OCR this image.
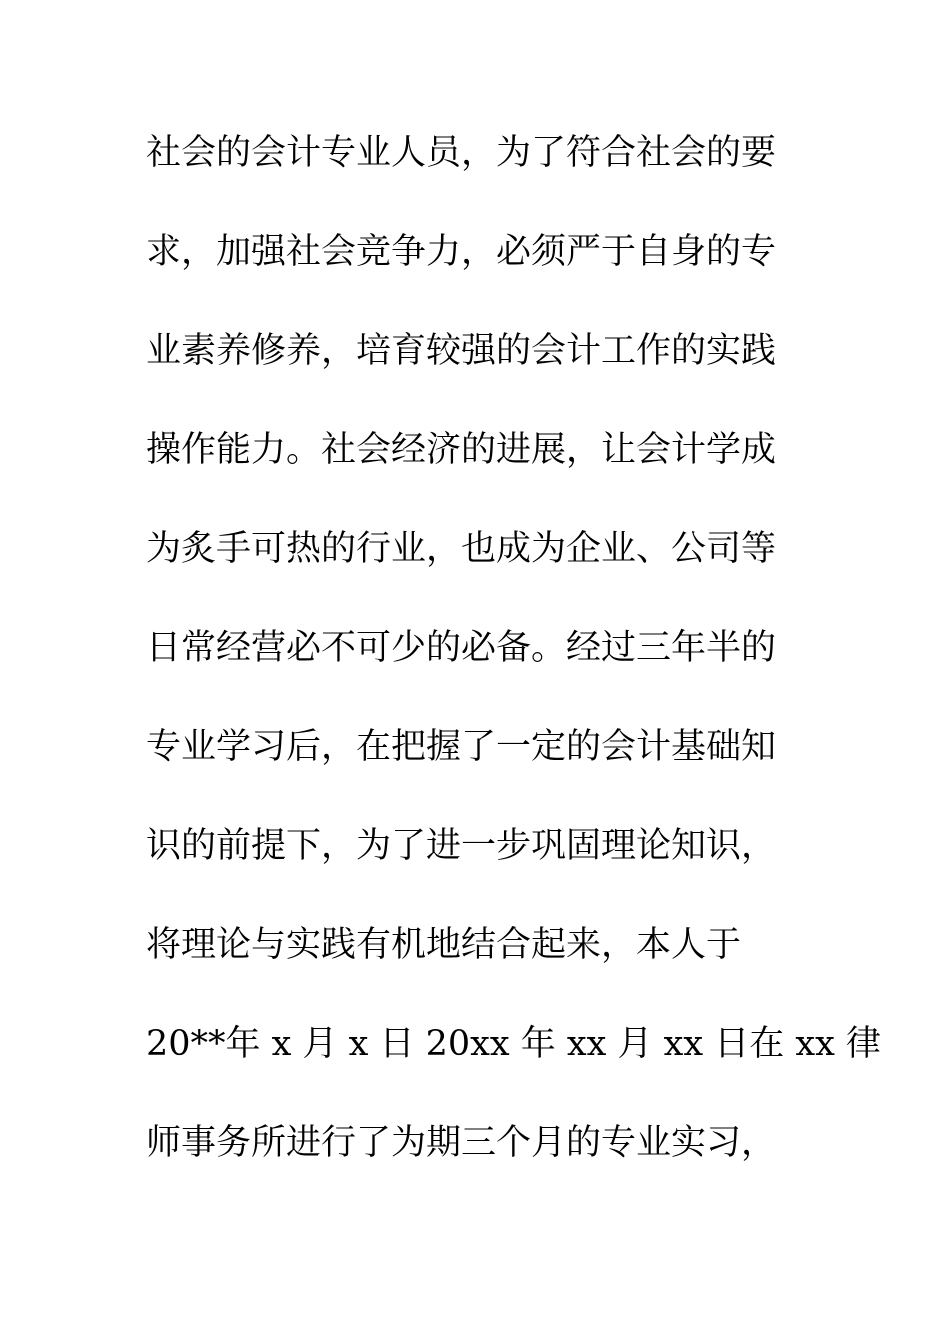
社会的会计专业人员，为了符合社会的要
求，加强社会竞争力，必须严于自身的专
业素养修养，培育较强的会计工作的实践
操作能力。社会经济的进展，让会计学成
为炙手可热的行业，也成为企业、公司等
日常经营必不可少的必备。经过三年半的
专业学习后，在把握了一定的会计基础知
识的前提下，为了进一步巩固理论知识，
将理论与实践有机地结合起来，本人于
20**年 x 月 x 日 20xx 年 xx 月 xx 日在 xx 律
师事务所进行了为期三个月的专业实习，
